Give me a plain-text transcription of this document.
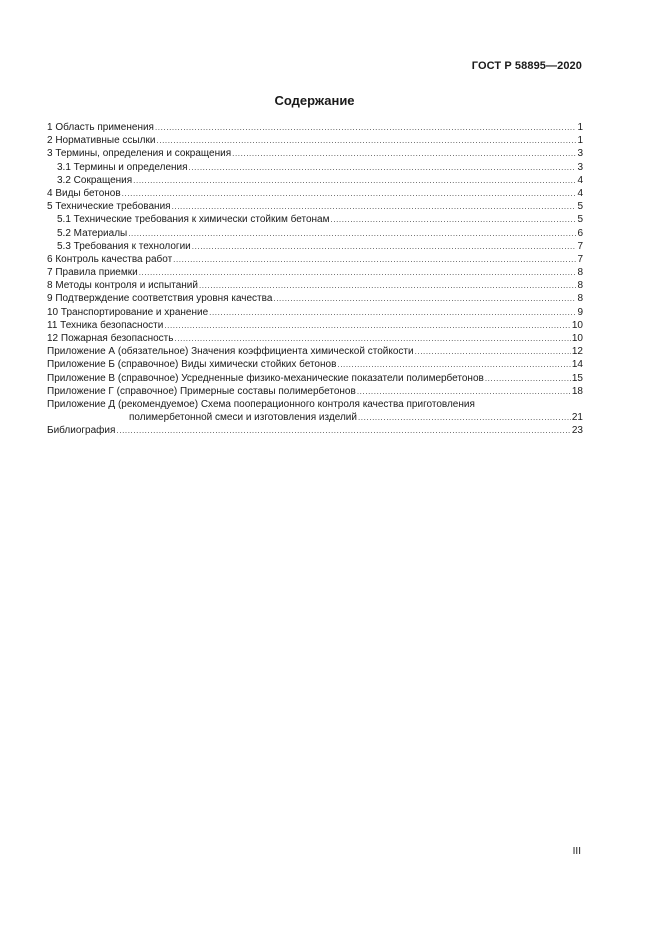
ГОСТ Р 58895—2020
Содержание
1 Область применения .....	1
2 Нормативные ссылки .....	1
3 Термины, определения и сокращения .....	3
3.1 Термины и определения .....	3
3.2 Сокращения .....	4
4 Виды бетонов .....	4
5 Технические требования .....	5
5.1 Технические требования к химически стойким бетонам .....	5
5.2 Материалы .....	6
5.3 Требования к технологии .....	7
6 Контроль качества работ .....	7
7 Правила приемки .....	8
8 Методы контроля и испытаний .....	8
9 Подтверждение соответствия уровня качества .....	8
10 Транспортирование и хранение .....	9
11 Техника безопасности .....	10
12 Пожарная безопасность .....	10
Приложение А (обязательное) Значения коэффициента химической стойкости .....	12
Приложение Б (справочное) Виды химически стойких бетонов .....	14
Приложение В (справочное) Усредненные физико-механические показатели полимербетонов .....	15
Приложение Г (справочное) Примерные составы полимербетонов .....	18
Приложение Д (рекомендуемое) Схема пооперационного контроля качества приготовления
полимербетонной смеси и изготовления изделий .....	21
Библиография .....	23
III
